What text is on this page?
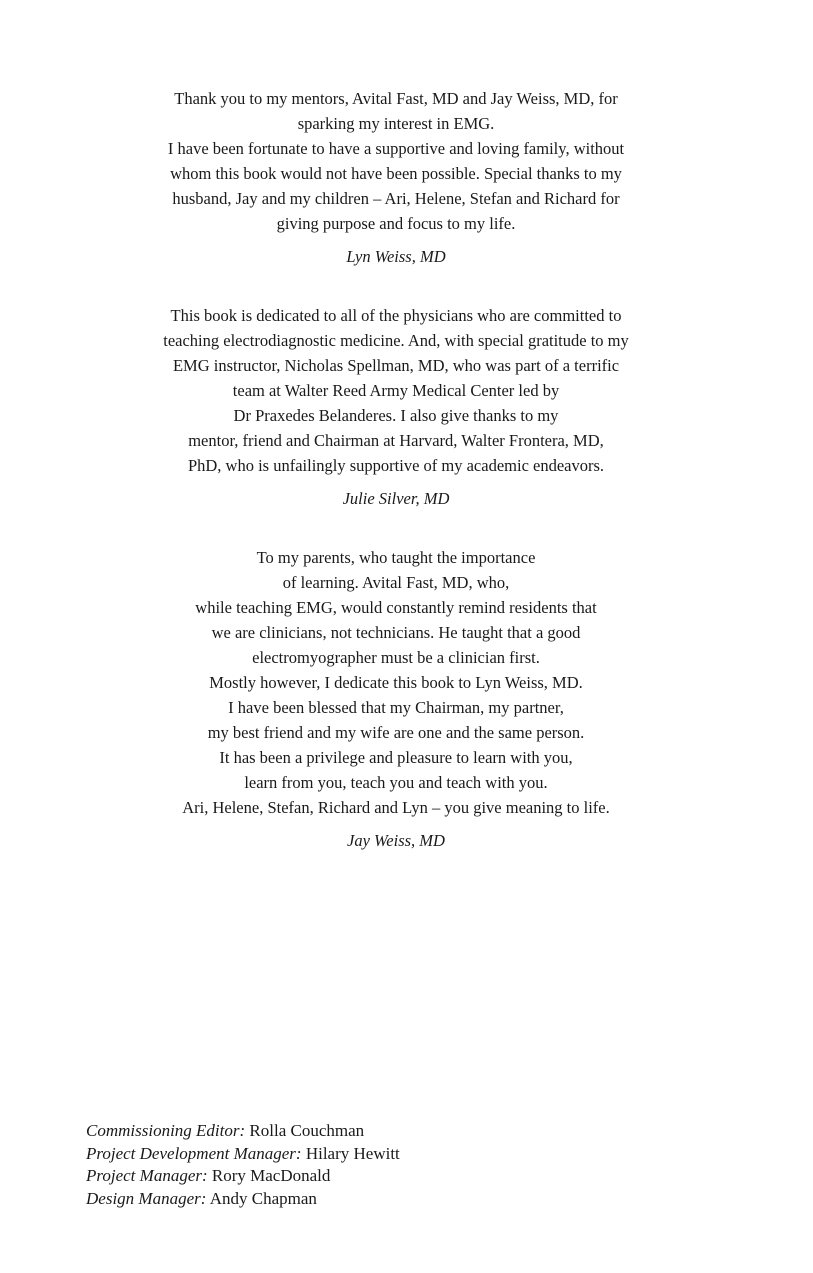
Thank you to my mentors, Avital Fast, MD and Jay Weiss, MD, for
sparking my interest in EMG.
I have been fortunate to have a supportive and loving family, without
whom this book would not have been possible. Special thanks to my
husband, Jay and my children – Ari, Helene, Stefan and Richard for
giving purpose and focus to my life.
Lyn Weiss, MD
This book is dedicated to all of the physicians who are committed to
teaching electrodiagnostic medicine. And, with special gratitude to my
EMG instructor, Nicholas Spellman, MD, who was part of a terrific
team at Walter Reed Army Medical Center led by
Dr Praxedes Belanderes. I also give thanks to my
mentor, friend and Chairman at Harvard, Walter Frontera, MD,
PhD, who is unfailingly supportive of my academic endeavors.
Julie Silver, MD
To my parents, who taught the importance
of learning. Avital Fast, MD, who,
while teaching EMG, would constantly remind residents that
we are clinicians, not technicians. He taught that a good
electromyographer must be a clinician first.
Mostly however, I dedicate this book to Lyn Weiss, MD.
I have been blessed that my Chairman, my partner,
my best friend and my wife are one and the same person.
It has been a privilege and pleasure to learn with you,
learn from you, teach you and teach with you.
Ari, Helene, Stefan, Richard and Lyn – you give meaning to life.
Jay Weiss, MD
Commissioning Editor: Rolla Couchman
Project Development Manager: Hilary Hewitt
Project Manager: Rory MacDonald
Design Manager: Andy Chapman
